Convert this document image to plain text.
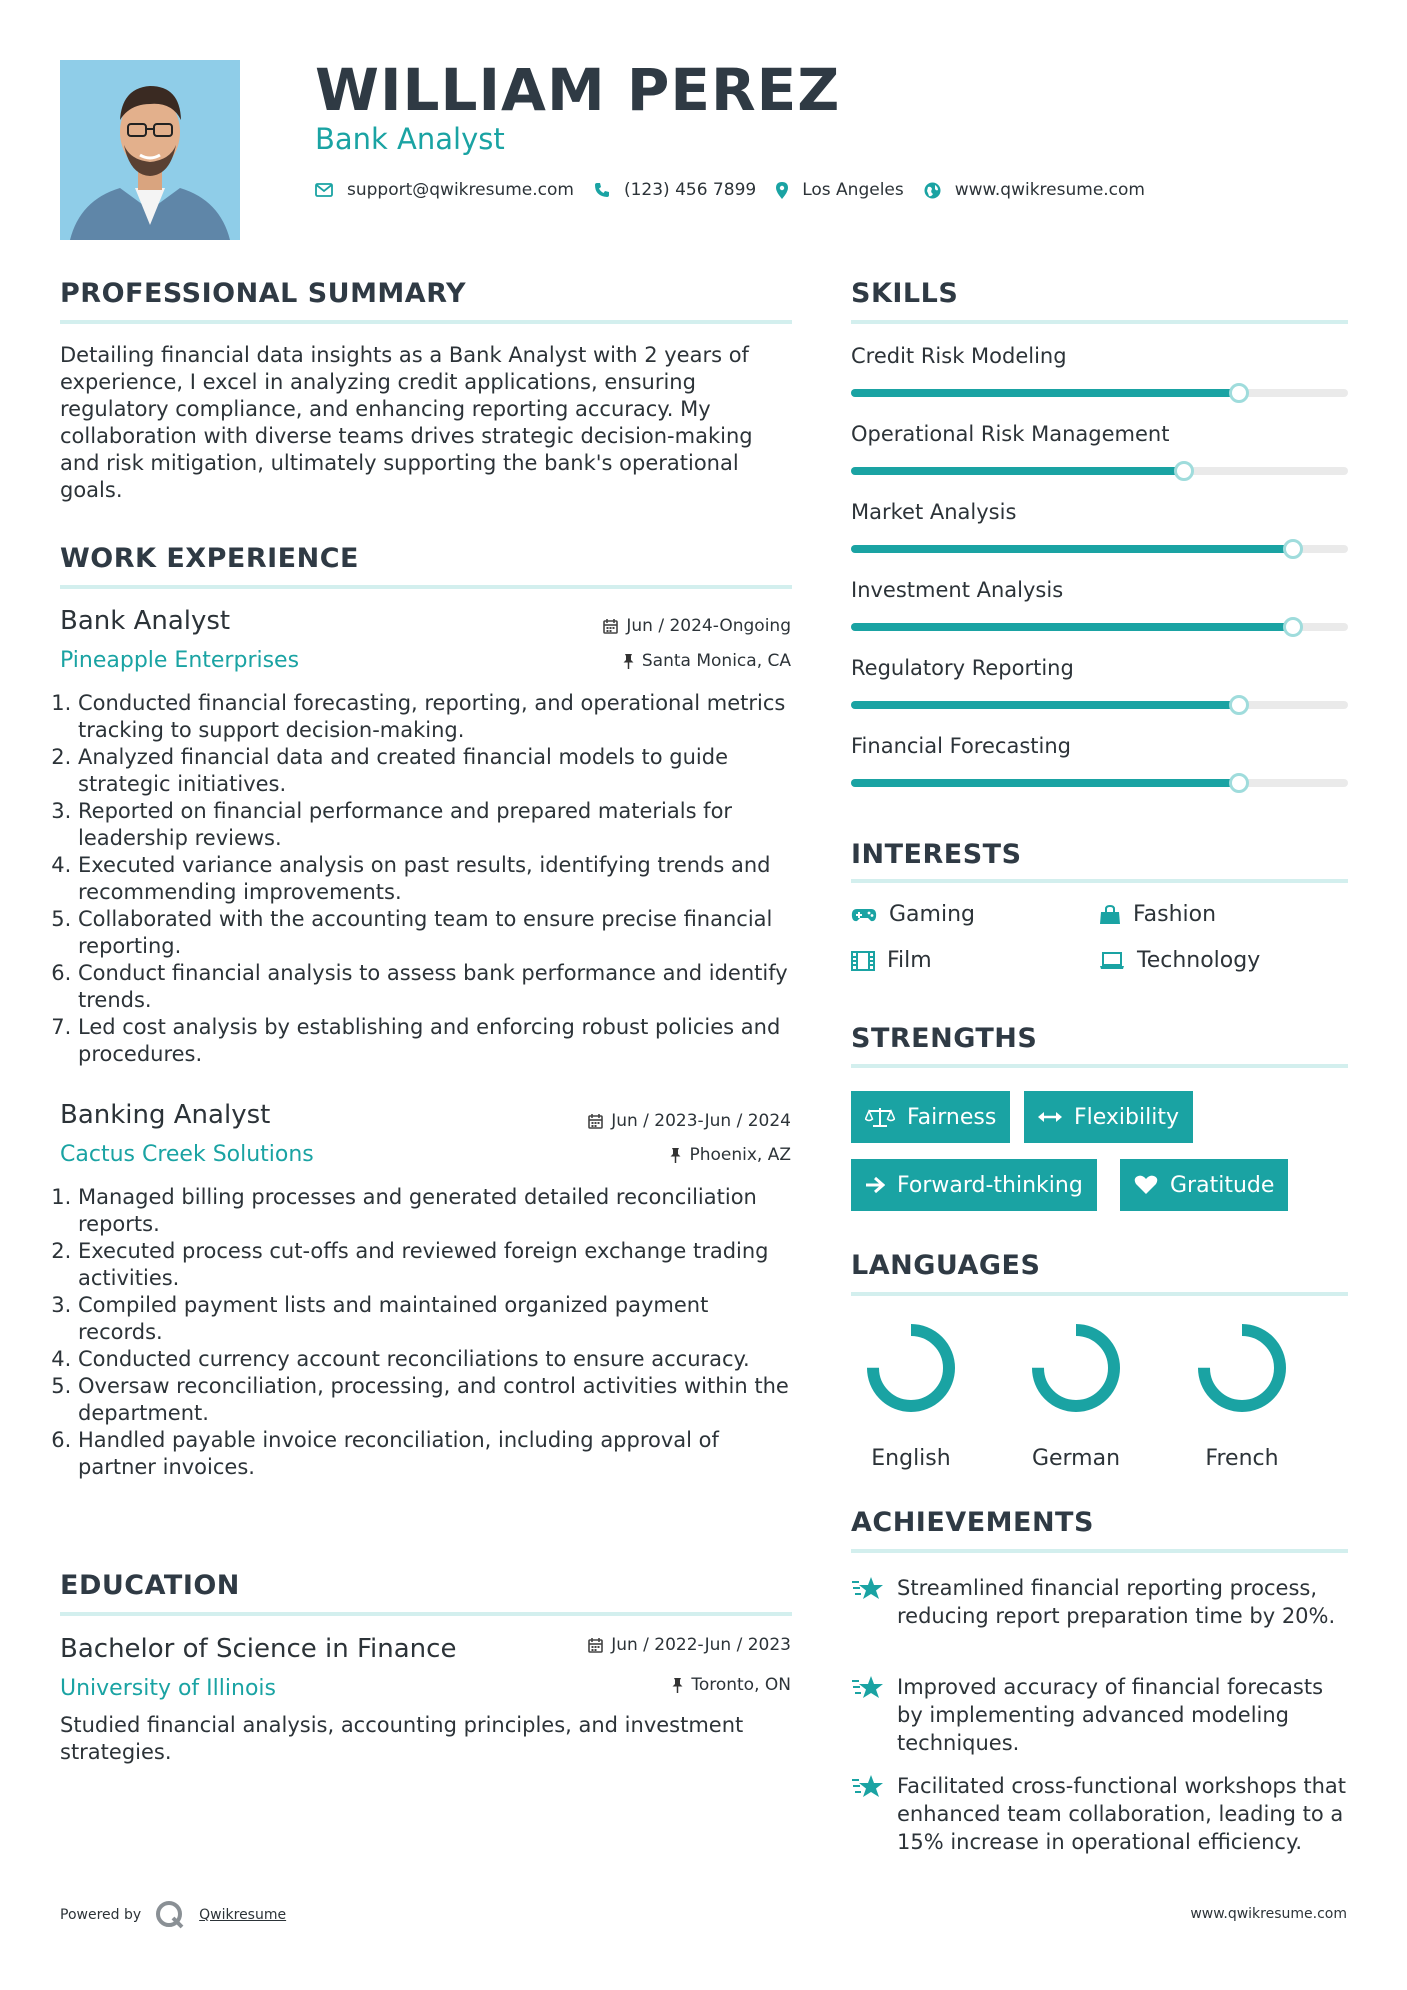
WILLIAM PEREZ
Bank Analyst
support@qwikresume.com	(123) 456 7899	Los Angeles	www.qwikresume.com
PROFESSIONAL SUMMARY
Detailing financial data insights as a Bank Analyst with 2 years of experience, I excel in analyzing credit applications, ensuring regulatory compliance, and enhancing reporting accuracy. My collaboration with diverse teams drives strategic decision-making and risk mitigation, ultimately supporting the bank's operational goals.
WORK EXPERIENCE
Bank Analyst	Jun / 2024-Ongoing
Pineapple Enterprises	Santa Monica, CA
1. Conducted financial forecasting, reporting, and operational metrics tracking to support decision-making.
2. Analyzed financial data and created financial models to guide strategic initiatives.
3. Reported on financial performance and prepared materials for leadership reviews.
4. Executed variance analysis on past results, identifying trends and recommending improvements.
5. Collaborated with the accounting team to ensure precise financial reporting.
6. Conduct financial analysis to assess bank performance and identify trends.
7. Led cost analysis by establishing and enforcing robust policies and procedures.
Banking Analyst	Jun / 2023-Jun / 2024
Cactus Creek Solutions	Phoenix, AZ
1. Managed billing processes and generated detailed reconciliation reports.
2. Executed process cut-offs and reviewed foreign exchange trading activities.
3. Compiled payment lists and maintained organized payment records.
4. Conducted currency account reconciliations to ensure accuracy.
5. Oversaw reconciliation, processing, and control activities within the department.
6. Handled payable invoice reconciliation, including approval of partner invoices.
EDUCATION
Bachelor of Science in Finance	Jun / 2022-Jun / 2023
University of Illinois	Toronto, ON
Studied financial analysis, accounting principles, and investment strategies.
SKILLS
Credit Risk Modeling
Operational Risk Management
Market Analysis
Investment Analysis
Regulatory Reporting
Financial Forecasting
INTERESTS
Gaming	Fashion
Film	Technology
STRENGTHS
Fairness	Flexibility
Forward-thinking	Gratitude
LANGUAGES
English	German	French
ACHIEVEMENTS
Streamlined financial reporting process, reducing report preparation time by 20%.
Improved accuracy of financial forecasts by implementing advanced modeling techniques.
Facilitated cross-functional workshops that enhanced team collaboration, leading to a 15% increase in operational efficiency.
Powered by	Qwikresume	www.qwikresume.com
